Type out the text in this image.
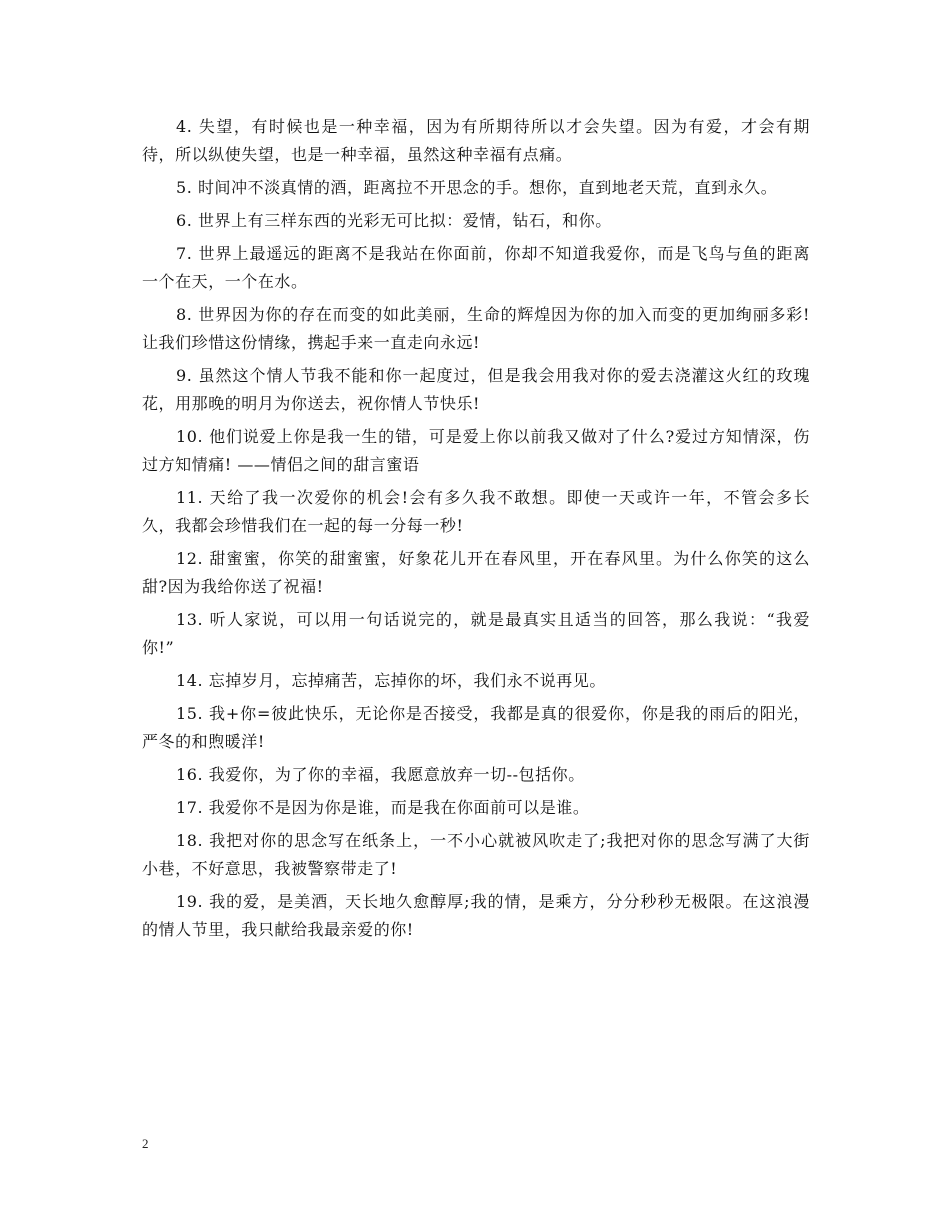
4. 失望，有时候也是一种幸福，因为有所期待所以才会失望。因为有爱，才会有期待，所以纵使失望，也是一种幸福，虽然这种幸福有点痛。

5. 时间冲不淡真情的酒，距离拉不开思念的手。想你，直到地老天荒，直到永久。

6. 世界上有三样东西的光彩无可比拟：爱情，钻石，和你。

7. 世界上最遥远的距离不是我站在你面前，你却不知道我爱你，而是飞鸟与鱼的距离一个在天，一个在水。

8. 世界因为你的存在而变的如此美丽，生命的辉煌因为你的加入而变的更加绚丽多彩!让我们珍惜这份情缘，携起手来一直走向永远!

9. 虽然这个情人节我不能和你一起度过，但是我会用我对你的爱去浇灌这火红的玫瑰花，用那晚的明月为你送去，祝你情人节快乐!

10. 他们说爱上你是我一生的错，可是爱上你以前我又做对了什么?爱过方知情深，伤过方知情痛! ——情侣之间的甜言蜜语

11. 天给了我一次爱你的机会!会有多久我不敢想。即使一天或许一年，不管会多长久，我都会珍惜我们在一起的每一分每一秒!

12. 甜蜜蜜，你笑的甜蜜蜜，好象花儿开在春风里，开在春风里。为什么你笑的这么甜?因为我给你送了祝福!

13. 听人家说，可以用一句话说完的，就是最真实且适当的回答，那么我说：“我爱你!”

14. 忘掉岁月，忘掉痛苦，忘掉你的坏，我们永不说再见。

15. 我+你=彼此快乐，无论你是否接受，我都是真的很爱你，你是我的雨后的阳光，严冬的和煦暖洋!

16. 我爱你，为了你的幸福，我愿意放弃一切--包括你。

17. 我爱你不是因为你是谁，而是我在你面前可以是谁。

18. 我把对你的思念写在纸条上，一不小心就被风吹走了;我把对你的思念写满了大街小巷，不好意思，我被警察带走了!

19. 我的爱，是美酒，天长地久愈醇厚;我的情，是乘方，分分秒秒无极限。在这浪漫的情人节里，我只献给我最亲爱的你!

2
